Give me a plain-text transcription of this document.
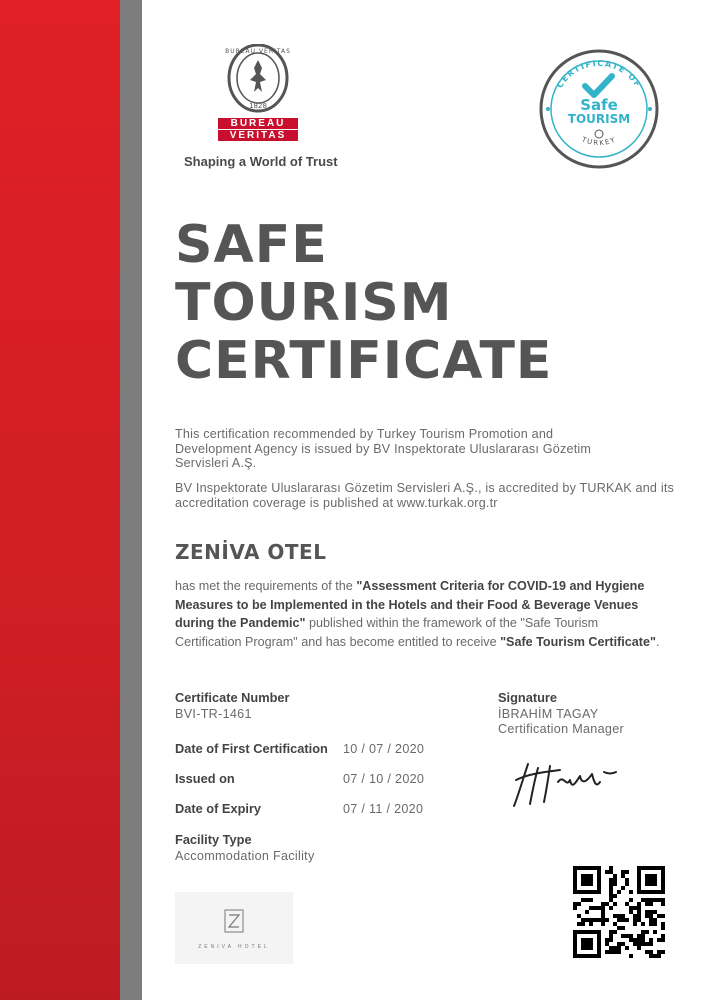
BUREAU VERITAS
1828
BUREAU
VERITAS
Shaping a World of Trust
CERTIFICATE OF
Safe
TOURISM
TURKEY
SAFE
TOURISM
CERTIFICATE
This certification recommended by Turkey Tourism Promotion and Development Agency is issued by BV Inspektorate Uluslararası Gözetim Servisleri A.Ş.
BV Inspektorate Uluslararası Gözetim Servisleri A.Ş., is accredited by TURKAK and its accreditation coverage is published at www.turkak.org.tr
ZENİVA OTEL
has met the requirements of the "Assessment Criteria for COVID-19 and Hygiene Measures to be Implemented in the Hotels and their Food & Beverage Venues during the Pandemic" published within the framework of the "Safe Tourism Certification Program" and has become entitled to receive "Safe Tourism Certificate".
Certificate Number
BVI-TR-1461
Date of First Certification 10 / 07 / 2020
Issued on	07 / 10 / 2020
Date of Expiry	07 / 11 / 2020
Facility Type
Accommodation Facility
Signature
İBRAHİM TAGAY
Certification Manager
ZENIVA HOTEL
